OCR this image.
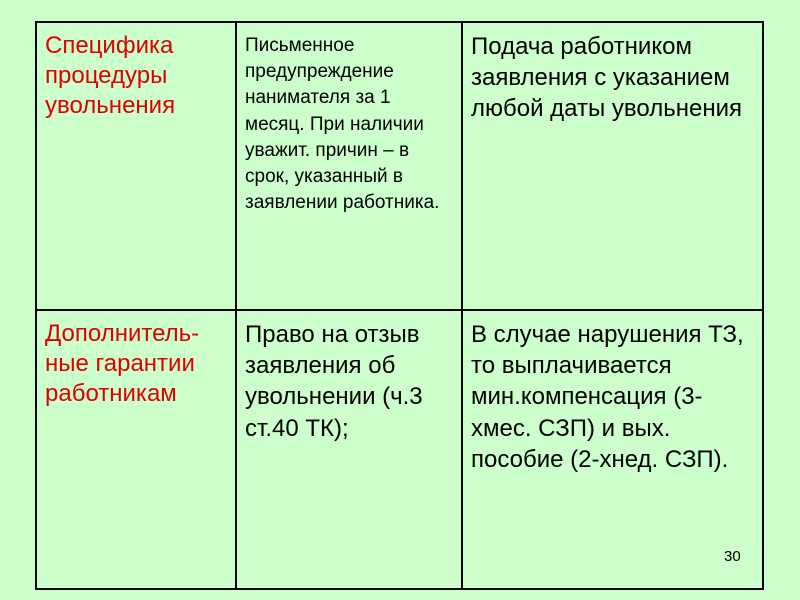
Специфика процедуры увольнения	Письменное предупреждение нанимателя за 1 месяц. При наличии уважит. причин – в срок, указанный в заявлении работника.	Подача работником заявления с указанием любой даты увольнения

Дополнительные гарантии работникам	Право на отзыв заявления об увольнении (ч.3 ст.40 ТК);	В случае нарушения ТЗ, то выплачивается мин.компенсация (3-хмес. СЗП) и вых. пособие (2-хнед. СЗП).
30
